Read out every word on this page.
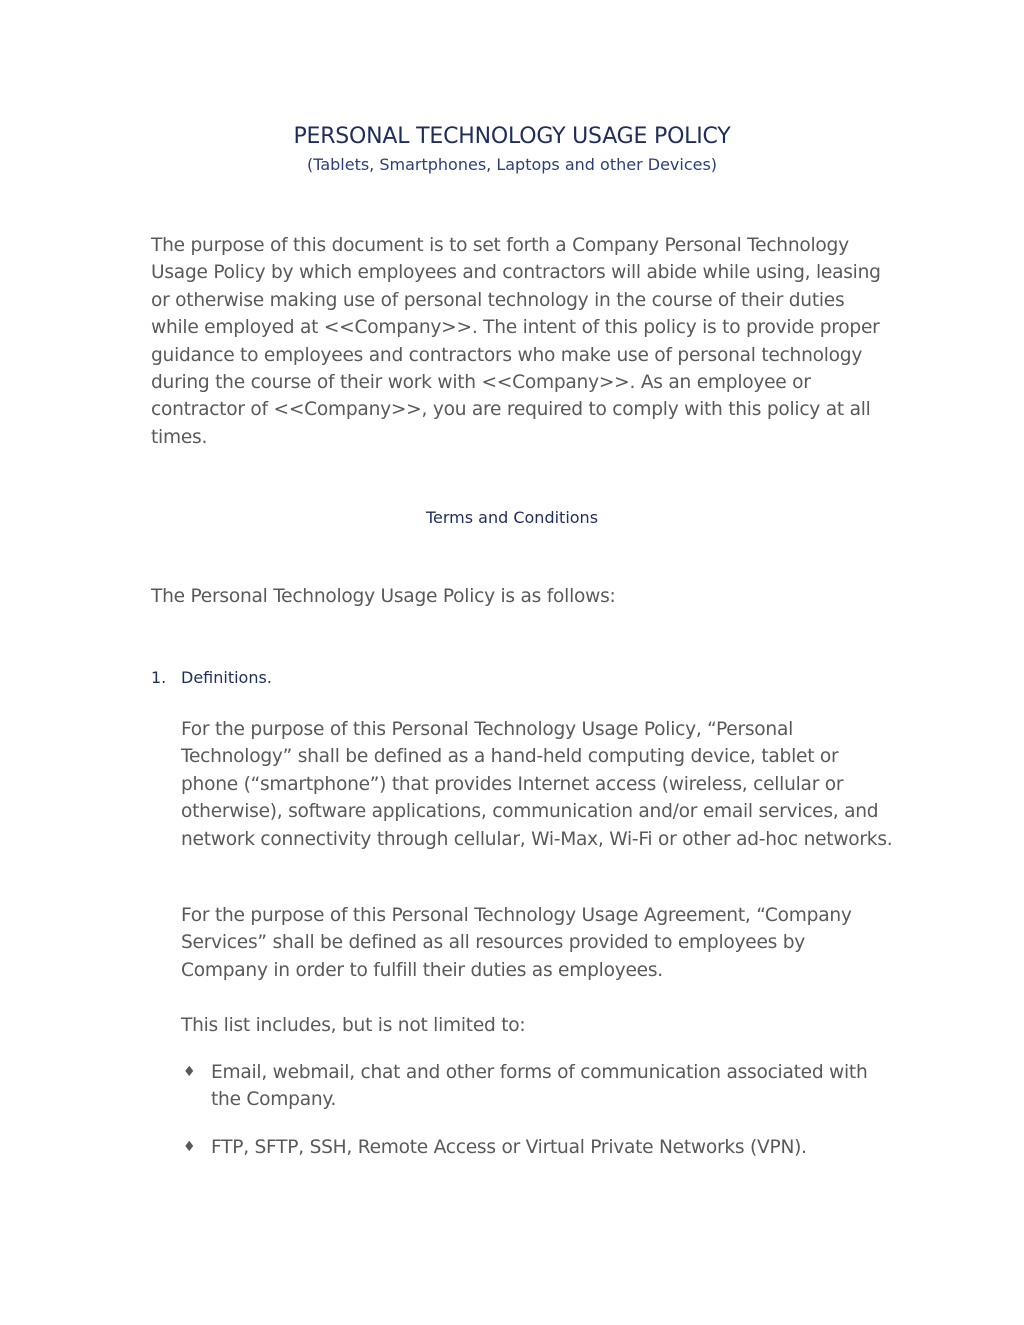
PERSONAL TECHNOLOGY USAGE POLICY
(Tablets, Smartphones, Laptops and other Devices)

The purpose of this document is to set forth a Company Personal Technology Usage Policy by which employees and contractors will abide while using, leasing or otherwise making use of personal technology in the course of their duties while employed at <<Company>>. The intent of this policy is to provide proper guidance to employees and contractors who make use of personal technology during the course of their work with <<Company>>. As an employee or contractor of <<Company>>, you are required to comply with this policy at all times.

Terms and Conditions

The Personal Technology Usage Policy is as follows:

1. Definitions.

For the purpose of this Personal Technology Usage Policy, “Personal Technology” shall be defined as a hand-held computing device, tablet or phone (“smartphone”) that provides Internet access (wireless, cellular or otherwise), software applications, communication and/or email services, and network connectivity through cellular, Wi-Max, Wi-Fi or other ad-hoc networks.

For the purpose of this Personal Technology Usage Agreement, “Company Services” shall be defined as all resources provided to employees by Company in order to fulfill their duties as employees.

This list includes, but is not limited to:

♦ Email, webmail, chat and other forms of communication associated with the Company.
♦ FTP, SFTP, SSH, Remote Access or Virtual Private Networks (VPN).
